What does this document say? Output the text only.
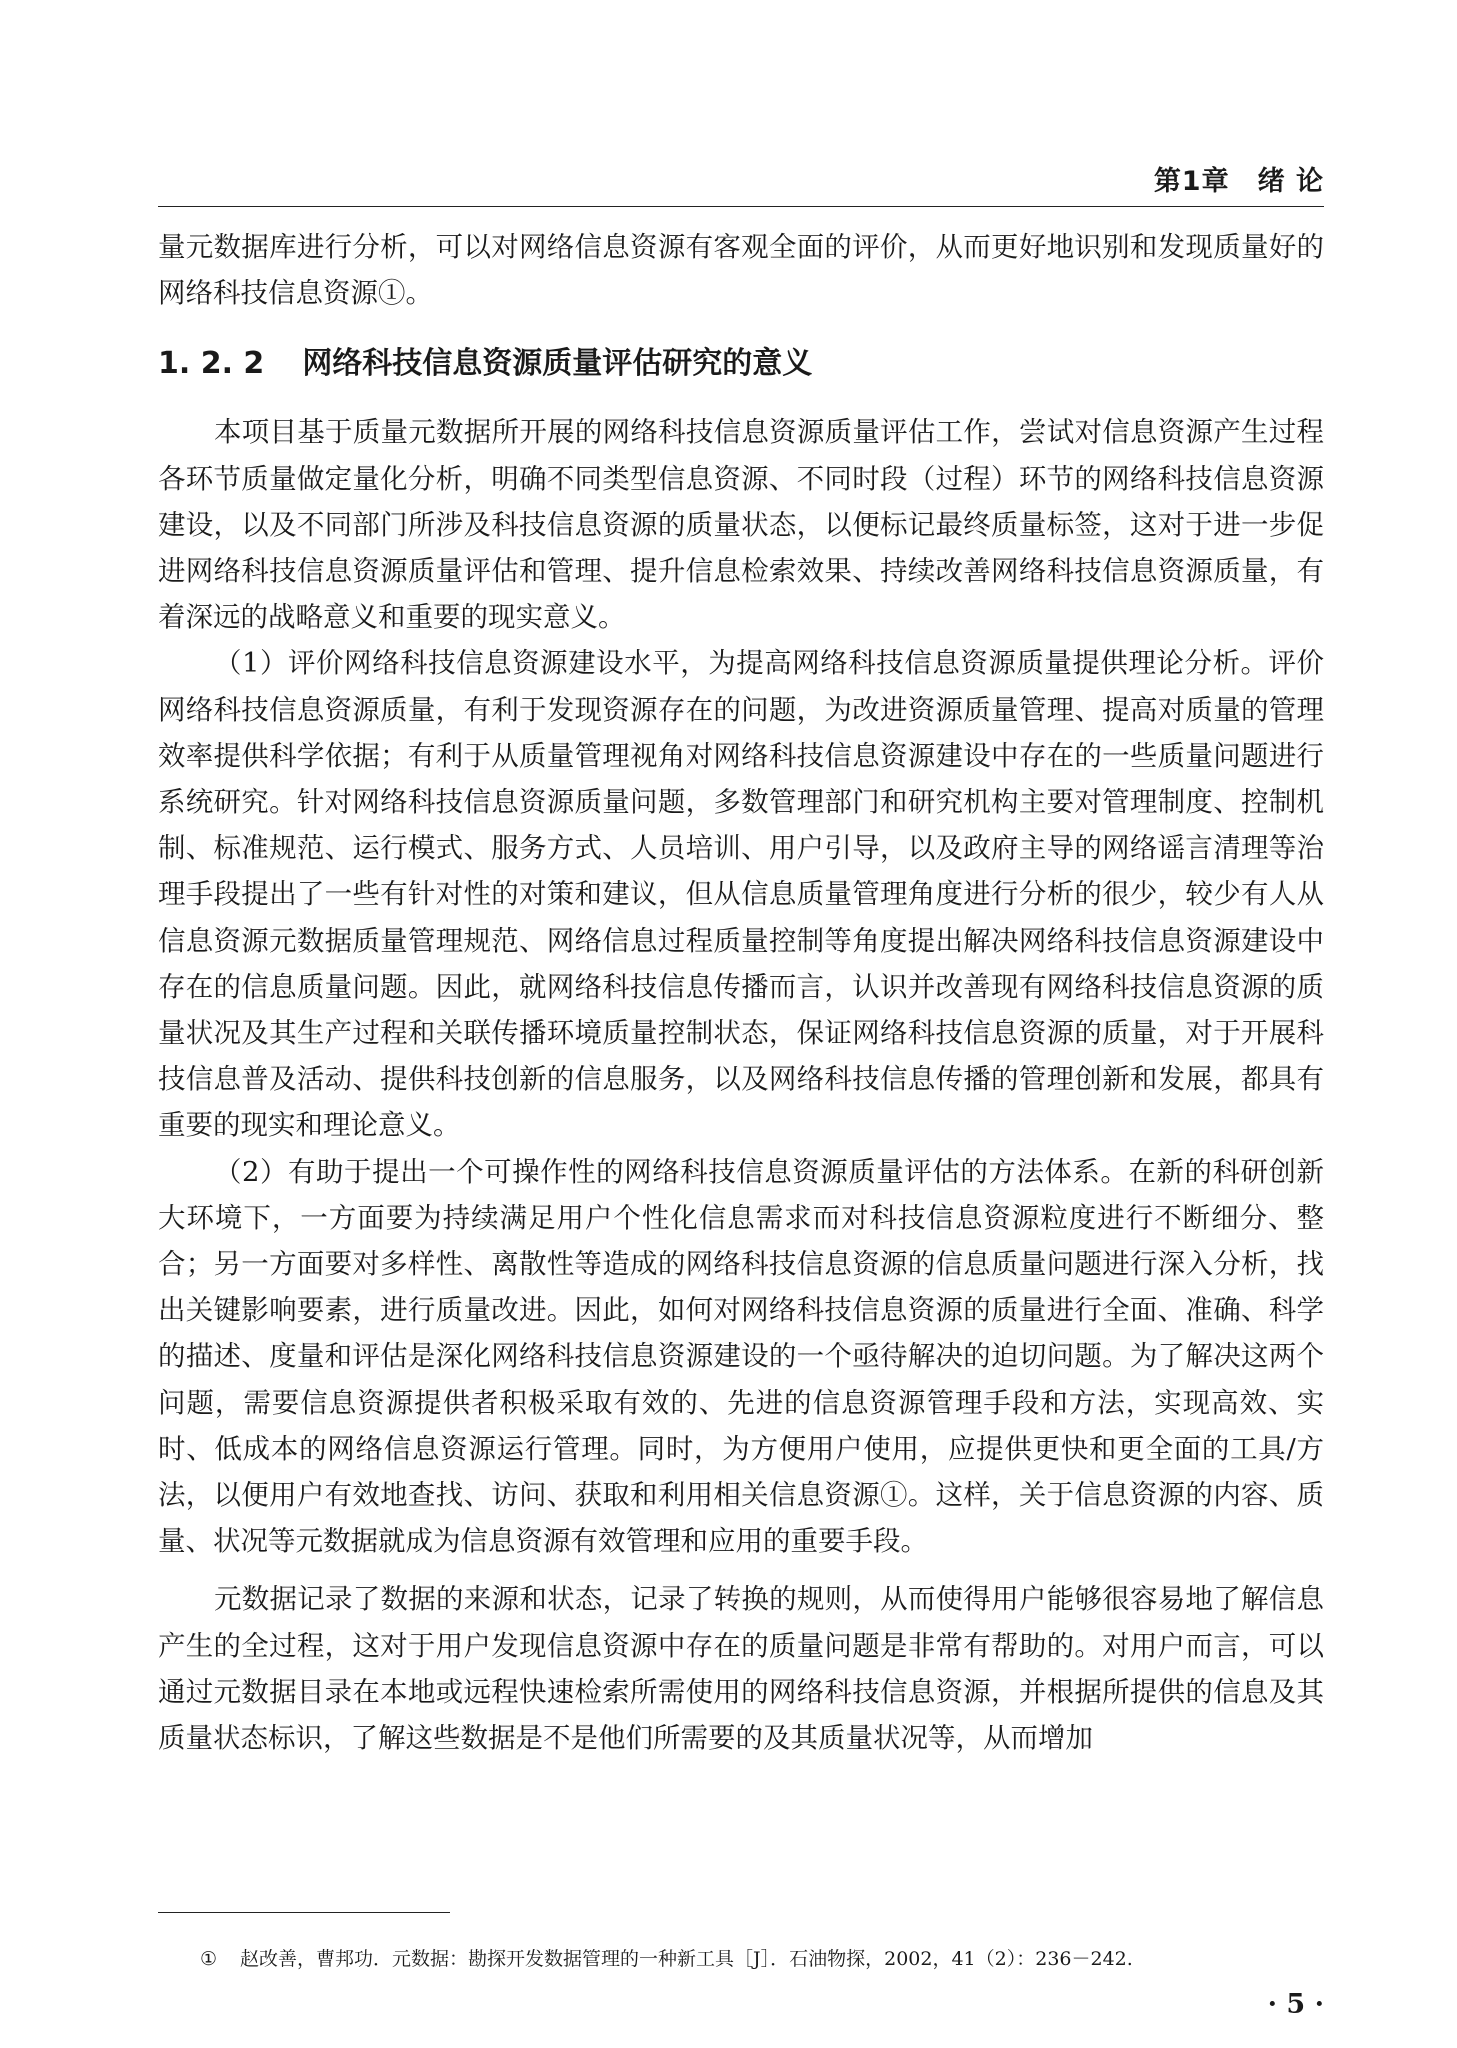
第1章　绪 论

量元数据库进行分析，可以对网络信息资源有客观全面的评价，从而更好地识别和发现质量好的网络科技信息资源①。

1. 2. 2 网络科技信息资源质量评估研究的意义

本项目基于质量元数据所开展的网络科技信息资源质量评估工作，尝试对信息资源产生过程各环节质量做定量化分析，明确不同类型信息资源、不同时段（过程）环节的网络科技信息资源建设，以及不同部门所涉及科技信息资源的质量状态，以便标记最终质量标签，这对于进一步促进网络科技信息资源质量评估和管理、提升信息检索效果、持续改善网络科技信息资源质量，有着深远的战略意义和重要的现实意义。

（1）评价网络科技信息资源建设水平，为提高网络科技信息资源质量提供理论分析。评价网络科技信息资源质量，有利于发现资源存在的问题，为改进资源质量管理、提高对质量的管理效率提供科学依据；有利于从质量管理视角对网络科技信息资源建设中存在的一些质量问题进行系统研究。针对网络科技信息资源质量问题，多数管理部门和研究机构主要对管理制度、控制机制、标准规范、运行模式、服务方式、人员培训、用户引导，以及政府主导的网络谣言清理等治理手段提出了一些有针对性的对策和建议，但从信息质量管理角度进行分析的很少，较少有人从信息资源元数据质量管理规范、网络信息过程质量控制等角度提出解决网络科技信息资源建设中存在的信息质量问题。因此，就网络科技信息传播而言，认识并改善现有网络科技信息资源的质量状况及其生产过程和关联传播环境质量控制状态，保证网络科技信息资源的质量，对于开展科技信息普及活动、提供科技创新的信息服务，以及网络科技信息传播的管理创新和发展，都具有重要的现实和理论意义。

（2）有助于提出一个可操作性的网络科技信息资源质量评估的方法体系。在新的科研创新大环境下，一方面要为持续满足用户个性化信息需求而对科技信息资源粒度进行不断细分、整合；另一方面要对多样性、离散性等造成的网络科技信息资源的信息质量问题进行深入分析，找出关键影响要素，进行质量改进。因此，如何对网络科技信息资源的质量进行全面、准确、科学的描述、度量和评估是深化网络科技信息资源建设的一个亟待解决的迫切问题。为了解决这两个问题，需要信息资源提供者积极采取有效的、先进的信息资源管理手段和方法，实现高效、实时、低成本的网络信息资源运行管理。同时，为方便用户使用，应提供更快和更全面的工具/方法，以便用户有效地查找、访问、获取和利用相关信息资源①。这样，关于信息资源的内容、质量、状况等元数据就成为信息资源有效管理和应用的重要手段。

元数据记录了数据的来源和状态，记录了转换的规则，从而使得用户能够很容易地了解信息产生的全过程，这对于用户发现信息资源中存在的质量问题是非常有帮助的。对用户而言，可以通过元数据目录在本地或远程快速检索所需使用的网络科技信息资源，并根据所提供的信息及其质量状态标识，了解这些数据是不是他们所需要的及其质量状况等，从而增加

① 赵改善，曹邦功．元数据：勘探开发数据管理的一种新工具［J］．石油物探，2002，41（2）：236－242.
· 5 ·
